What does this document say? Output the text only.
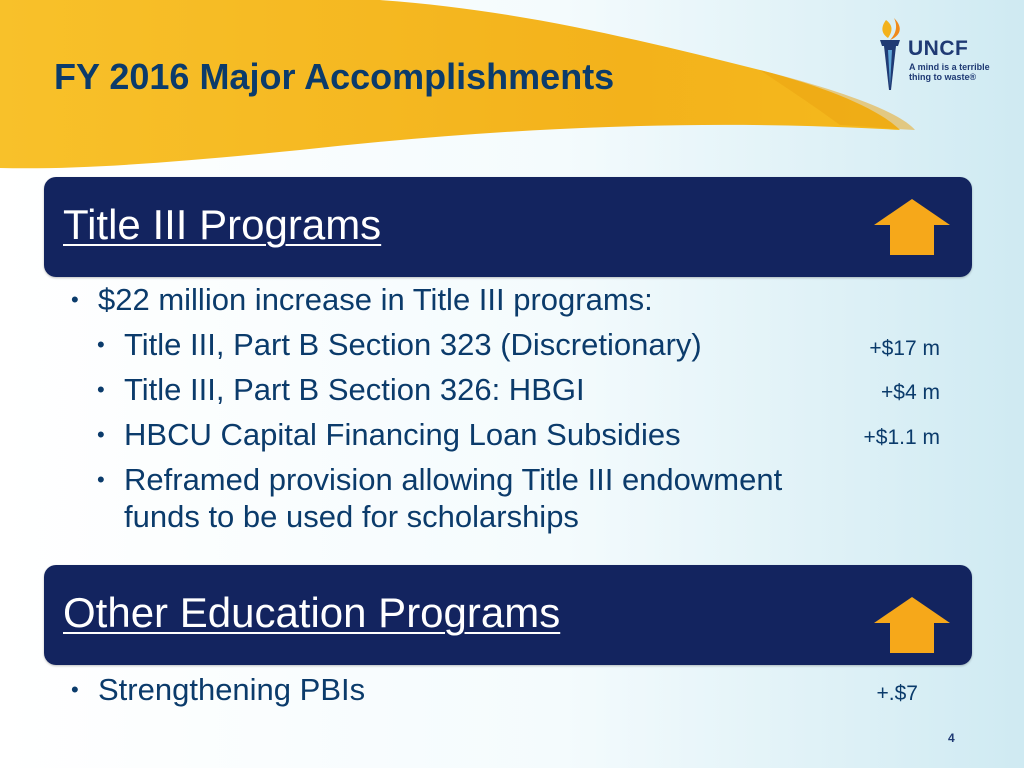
FY 2016 Major Accomplishments
UNCF
A mind is a terrible thing to waste®
Title III Programs
• $22 million increase in Title III programs:
• Title III, Part B Section 323 (Discretionary)	+$17 m
• Title III, Part B Section 326: HBGI	+$4 m
• HBCU Capital Financing Loan Subsidies	+$1.1 m
• Reframed provision allowing Title III endowment
funds to be used for scholarships
Other Education Programs
• Strengthening PBIs	+.$7
4
